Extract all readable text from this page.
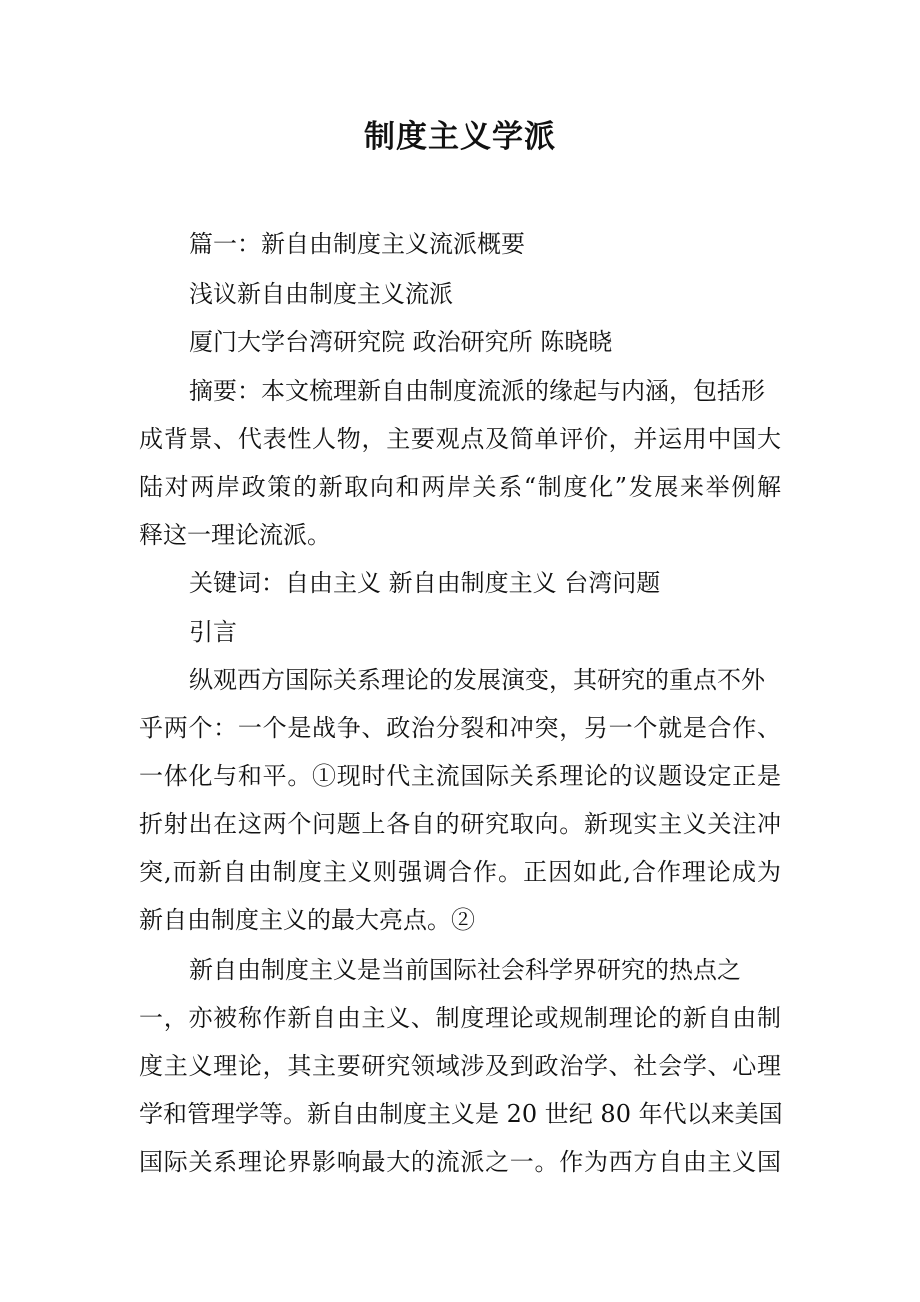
制度主义学派
篇一：新自由制度主义流派概要
浅议新自由制度主义流派
厦门大学台湾研究院 政治研究所 陈晓晓
摘要：本文梳理新自由制度流派的缘起与内涵，包括形
成背景、代表性人物，主要观点及简单评价，并运用中国大
陆对两岸政策的新取向和两岸关系“制度化”发展来举例解
释这一理论流派。
关键词：自由主义 新自由制度主义 台湾问题
引言
纵观西方国际关系理论的发展演变，其研究的重点不外
乎两个：一个是战争、政治分裂和冲突，另一个就是合作、
一体化与和平。①现时代主流国际关系理论的议题设定正是
折射出在这两个问题上各自的研究取向。新现实主义关注冲
突,而新自由制度主义则强调合作。正因如此,合作理论成为
新自由制度主义的最大亮点。②
新自由制度主义是当前国际社会科学界研究的热点之
一，亦被称作新自由主义、制度理论或规制理论的新自由制
度主义理论，其主要研究领域涉及到政治学、社会学、心理
学和管理学等。新自由制度主义是 20 世纪 80 年代以来美国
国际关系理论界影响最大的流派之一。作为西方自由主义国
